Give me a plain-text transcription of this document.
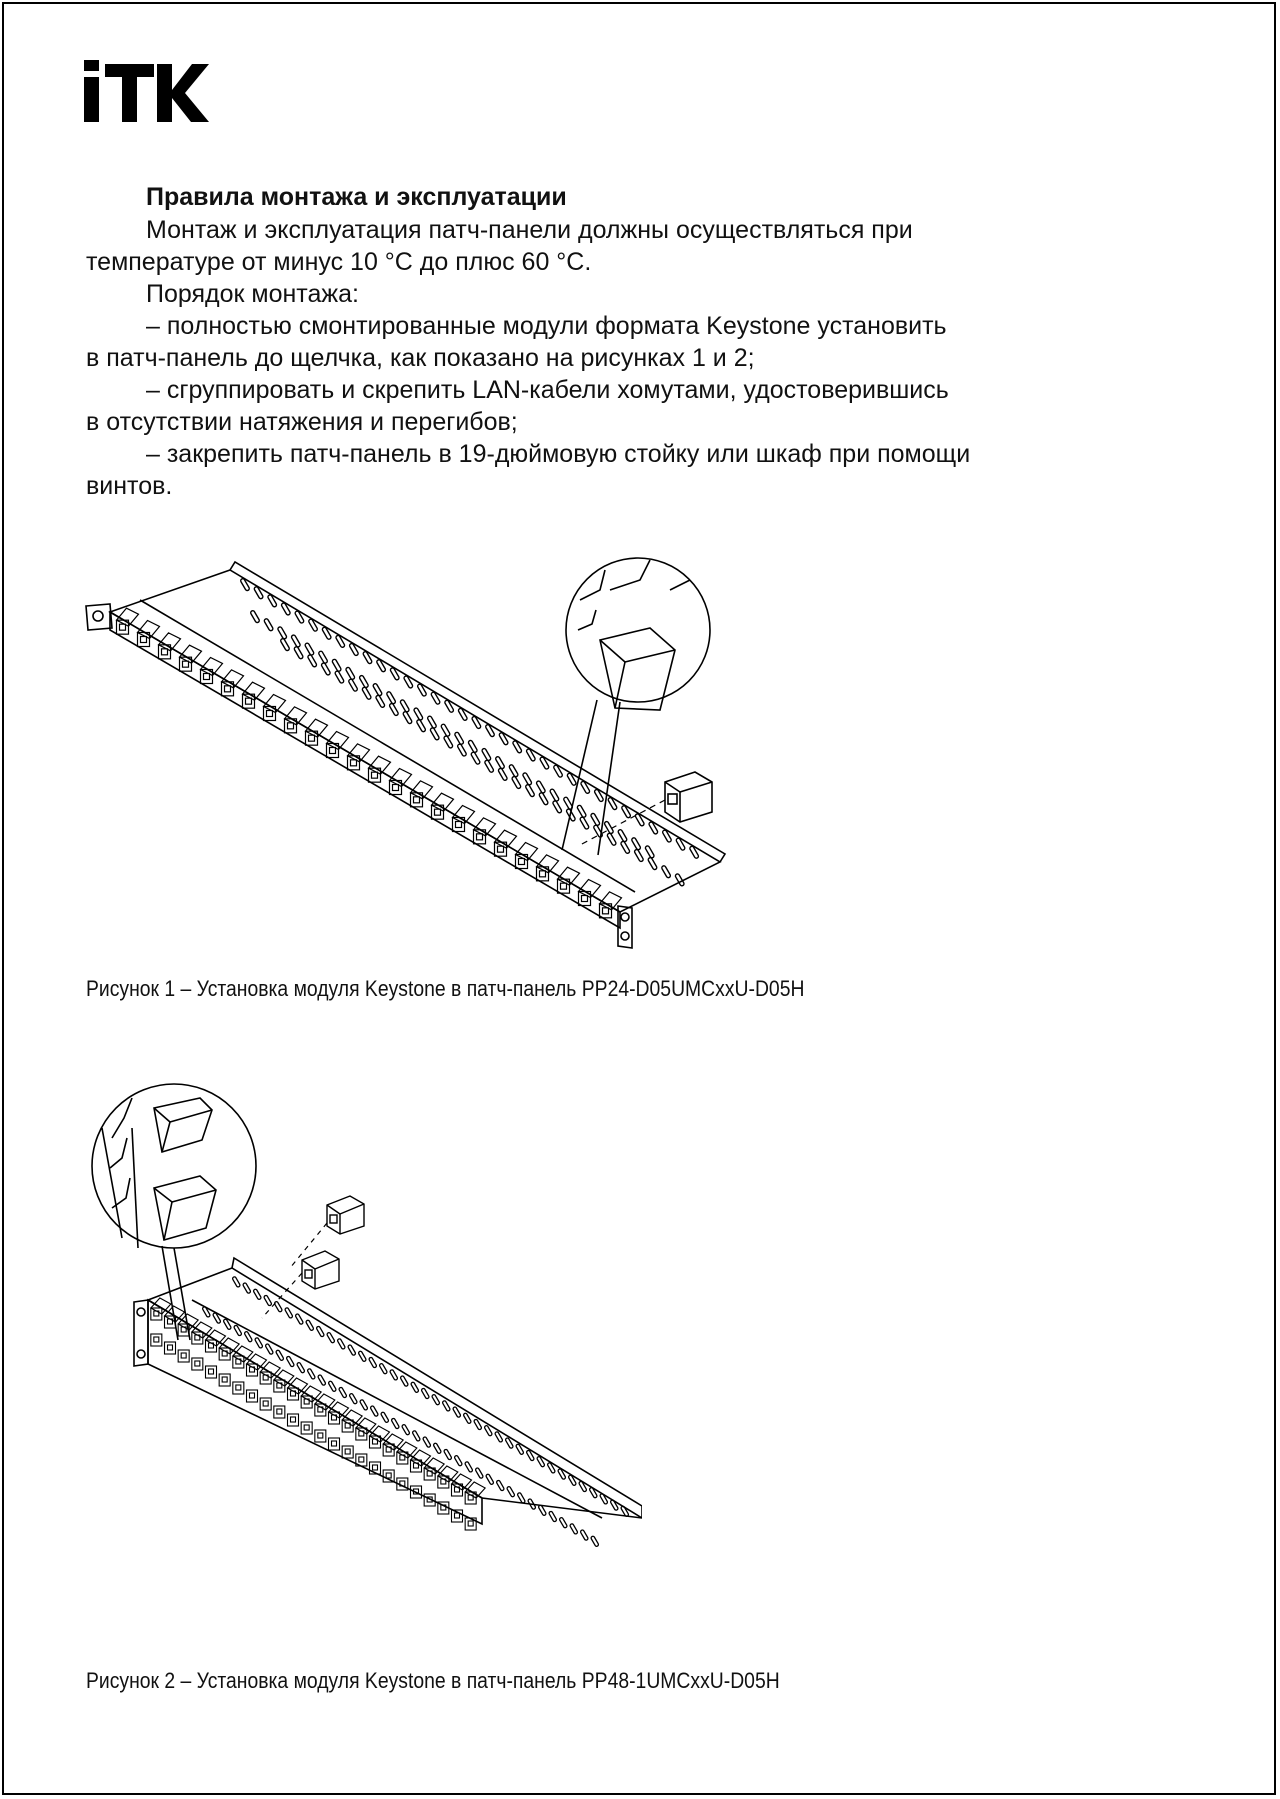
Правила монтажа и эксплуатации

Монтаж и эксплуатация патч-панели должны осуществляться при

температуре от минус 10 °С до плюс 60 °С.

Порядок монтажа:

– полностью смонтированные модули формата Keystone установить

в патч-панель до щелчка, как показано на рисунках 1 и 2;

– сгруппировать и скрепить LAN-кабели хомутами, удостоверившись

в отсутствии натяжения и перегибов;

– закрепить патч-панель в 19-дюймовую стойку или шкаф при помощи

винтов.

Рисунок 1 – Установка модуля Keystone в патч-панель PP24-D05UMCxxU-D05H
Рисунок 2 – Установка модуля Keystone в патч-панель PP48-1UMCxxU-D05H
